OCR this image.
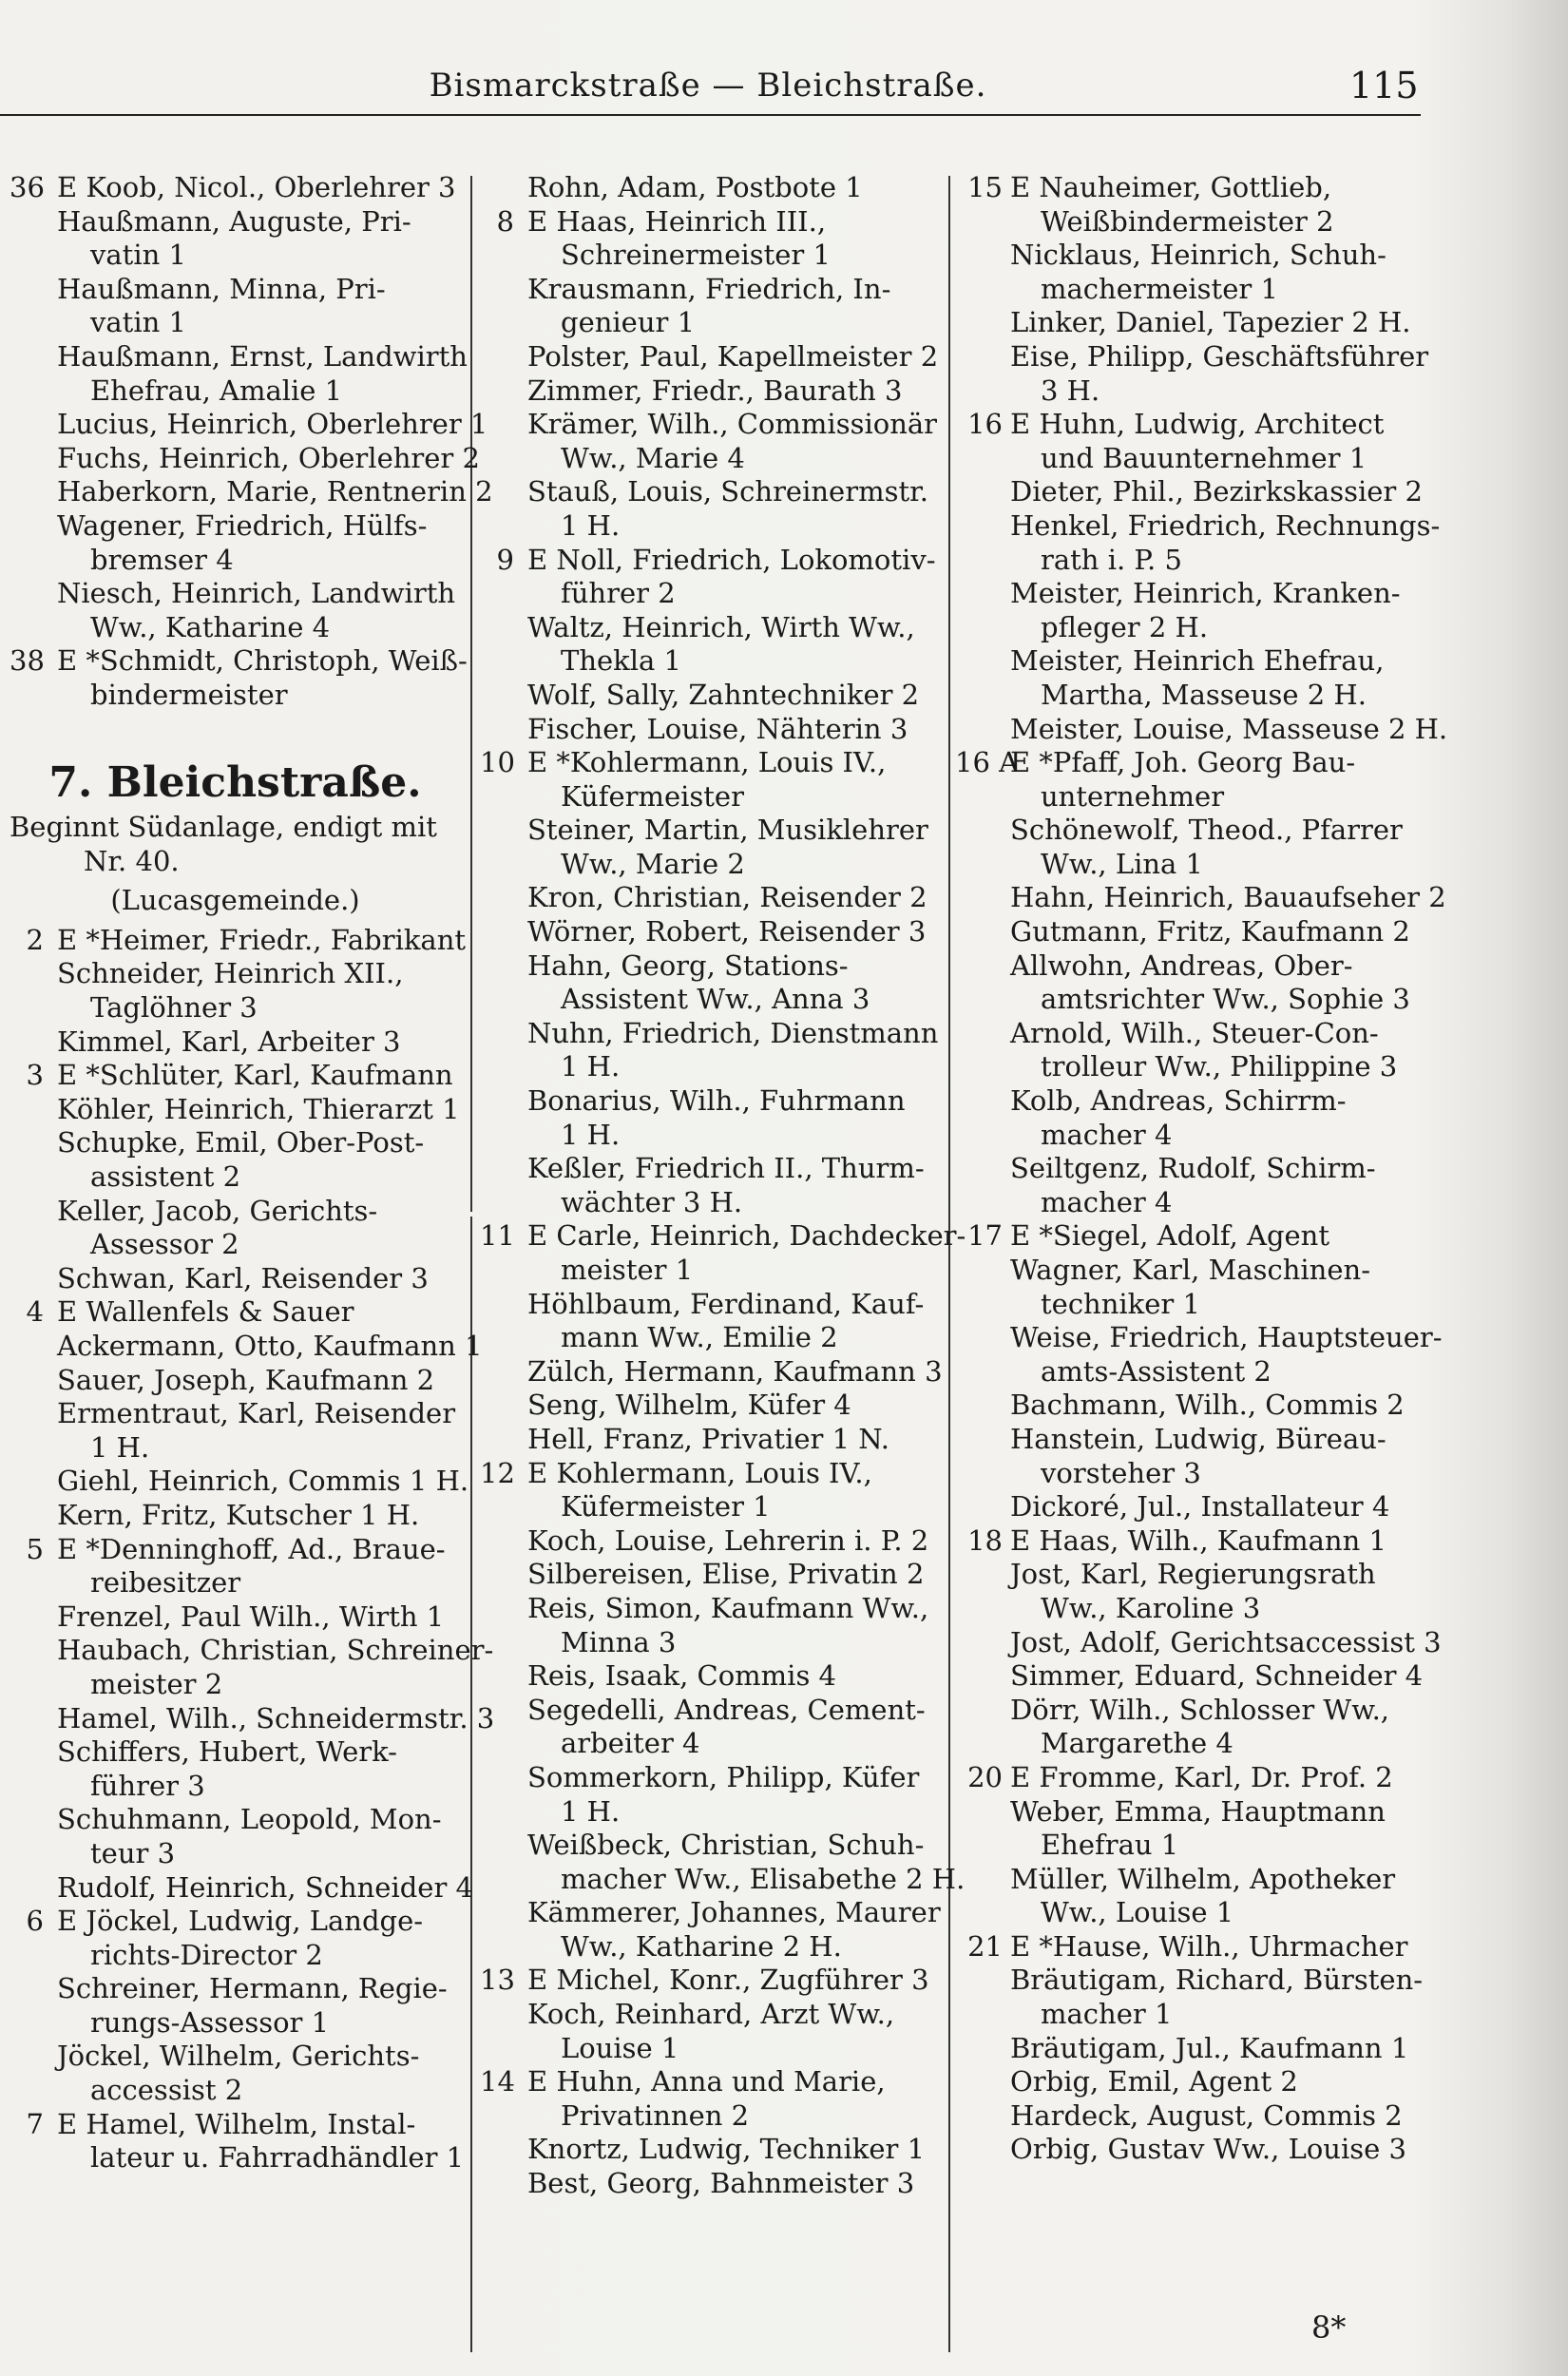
Bismarckstraße — Bleichstraße.	115
36 E Koob, Nicol., Oberlehrer 3
Haußmann, Auguste, Pri-
vatin 1
Haußmann, Minna, Pri-
vatin 1
Haußmann, Ernst, Landwirth
Ehefrau, Amalie 1
Lucius, Heinrich, Oberlehrer 1
Fuchs, Heinrich, Oberlehrer 2
Haberkorn, Marie, Rentnerin 2
Wagener, Friedrich, Hülfs-
bremser 4
Niesch, Heinrich, Landwirth
Ww., Katharine 4
38 E *Schmidt, Christoph, Weiß-
bindermeister
7. Bleichstraße.
Beginnt Südanlage, endigt mit
Nr. 40.
(Lucasgemeinde.)
2 E *Heimer, Friedr., Fabrikant
Schneider, Heinrich XII.,
Taglöhner 3
Kimmel, Karl, Arbeiter 3
3 E *Schlüter, Karl, Kaufmann
Köhler, Heinrich, Thierarzt 1
Schupke, Emil, Ober-Post-
assistent 2
Keller, Jacob, Gerichts-
Assessor 2
Schwan, Karl, Reisender 3
4 E Wallenfels & Sauer
Ackermann, Otto, Kaufmann 1
Sauer, Joseph, Kaufmann 2
Ermentraut, Karl, Reisender
1 H.
Giehl, Heinrich, Commis 1 H.
Kern, Fritz, Kutscher 1 H.
5 E *Denninghoff, Ad., Braue-
reibesitzer
Frenzel, Paul Wilh., Wirth 1
Haubach, Christian, Schreiner-
meister 2
Hamel, Wilh., Schneidermstr. 3
Schiffers, Hubert, Werk-
führer 3
Schuhmann, Leopold, Mon-
teur 3
Rudolf, Heinrich, Schneider 4
6 E Jöckel, Ludwig, Landge-
richts-Director 2
Schreiner, Hermann, Regie-
rungs-Assessor 1
Jöckel, Wilhelm, Gerichts-
accessist 2
7 E Hamel, Wilhelm, Instal-
lateur u. Fahrradhändler 1
Rohn, Adam, Postbote 1
8 E Haas, Heinrich III.,
Schreinermeister 1
Krausmann, Friedrich, In-
genieur 1
Polster, Paul, Kapellmeister 2
Zimmer, Friedr., Baurath 3
Krämer, Wilh., Commissionär
Ww., Marie 4
Stauß, Louis, Schreinermstr.
1 H.
9 E Noll, Friedrich, Lokomotiv-
führer 2
Waltz, Heinrich, Wirth Ww.,
Thekla 1
Wolf, Sally, Zahntechniker 2
Fischer, Louise, Nähterin 3
10 E *Kohlermann, Louis IV.,
Küfermeister
Steiner, Martin, Musiklehrer
Ww., Marie 2
Kron, Christian, Reisender 2
Wörner, Robert, Reisender 3
Hahn, Georg, Stations-
Assistent Ww., Anna 3
Nuhn, Friedrich, Dienstmann
1 H.
Bonarius, Wilh., Fuhrmann
1 H.
Keßler, Friedrich II., Thurm-
wächter 3 H.
11 E Carle, Heinrich, Dachdecker-
meister 1
Höhlbaum, Ferdinand, Kauf-
mann Ww., Emilie 2
Zülch, Hermann, Kaufmann 3
Seng, Wilhelm, Küfer 4
Hell, Franz, Privatier 1 N.
12 E Kohlermann, Louis IV.,
Küfermeister 1
Koch, Louise, Lehrerin i. P. 2
Silbereisen, Elise, Privatin 2
Reis, Simon, Kaufmann Ww.,
Minna 3
Reis, Isaak, Commis 4
Segedelli, Andreas, Cement-
arbeiter 4
Sommerkorn, Philipp, Küfer
1 H.
Weißbeck, Christian, Schuh-
macher Ww., Elisabethe 2 H.
Kämmerer, Johannes, Maurer
Ww., Katharine 2 H.
13 E Michel, Konr., Zugführer 3
Koch, Reinhard, Arzt Ww.,
Louise 1
14 E Huhn, Anna und Marie,
Privatinnen 2
Knortz, Ludwig, Techniker 1
Best, Georg, Bahnmeister 3
15 E Nauheimer, Gottlieb,
Weißbindermeister 2
Nicklaus, Heinrich, Schuh-
machermeister 1
Linker, Daniel, Tapezier 2 H.
Eise, Philipp, Geschäftsführer
3 H.
16 E Huhn, Ludwig, Architect
und Bauunternehmer 1
Dieter, Phil., Bezirkskassier 2
Henkel, Friedrich, Rechnungs-
rath i. P. 5
Meister, Heinrich, Kranken-
pfleger 2 H.
Meister, Heinrich Ehefrau,
Martha, Masseuse 2 H.
Meister, Louise, Masseuse 2 H.
16 A
E *Pfaff, Joh. Georg Bau-
unternehmer
Schönewolf, Theod., Pfarrer
Ww., Lina 1
Hahn, Heinrich, Bauaufseher 2
Gutmann, Fritz, Kaufmann 2
Allwohn, Andreas, Ober-
amtsrichter Ww., Sophie 3
Arnold, Wilh., Steuer-Con-
trolleur Ww., Philippine 3
Kolb, Andreas, Schirrm-
macher 4
Seiltgenz, Rudolf, Schirm-
macher 4
17 E *Siegel, Adolf, Agent
Wagner, Karl, Maschinen-
techniker 1
Weise, Friedrich, Hauptsteuer-
amts-Assistent 2
Bachmann, Wilh., Commis 2
Hanstein, Ludwig, Büreau-
vorsteher 3
Dickoré, Jul., Installateur 4
18 E Haas, Wilh., Kaufmann 1
Jost, Karl, Regierungsrath
Ww., Karoline 3
Jost, Adolf, Gerichtsaccessist 3
Simmer, Eduard, Schneider 4
Dörr, Wilh., Schlosser Ww.,
Margarethe 4
20 E Fromme, Karl, Dr. Prof. 2
Weber, Emma, Hauptmann
Ehefrau 1
Müller, Wilhelm, Apotheker
Ww., Louise 1
21 E *Hause, Wilh., Uhrmacher
Bräutigam, Richard, Bürsten-
macher 1
Bräutigam, Jul., Kaufmann 1
Orbig, Emil, Agent 2
Hardeck, August, Commis 2
Orbig, Gustav Ww., Louise 3
8*
